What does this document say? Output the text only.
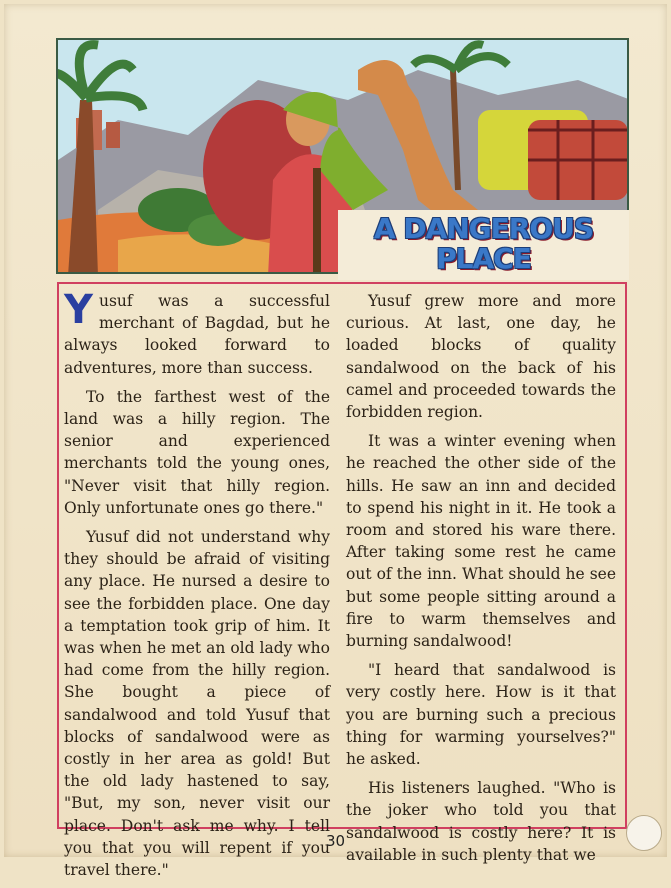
A DANGEROUS
PLACE

Yusuf was a successful merchant of Bagdad, but he always looked forward to adventures, more than success.

To the farthest west of the land was a hilly region. The senior and experienced merchants told the young ones, "Never visit that hilly region. Only unfortunate ones go there."

Yusuf did not understand why they should be afraid of visiting any place. He nursed a desire to see the forbidden place. One day a temptation took grip of him. It was when he met an old lady who had come from the hilly region. She bought a piece of sandalwood and told Yusuf that blocks of sandalwood were as costly in her area as gold! But the old lady hastened to say, "But, my son, never visit our place. Don't ask me why. I tell you that you will repent if you travel there."

Yusuf grew more and more curious. At last, one day, he loaded blocks of quality sandalwood on the back of his camel and proceeded towards the forbidden region.

It was a winter evening when he reached the other side of the hills. He saw an inn and decided to spend his night in it. He took a room and stored his ware there. After taking some rest he came out of the inn. What should he see but some people sitting around a fire to warm themselves and burning sandalwood!

"I heard that sandalwood is very costly here. How is it that you are burning such a precious thing for warming yourselves?" he asked.

His listeners laughed. "Who is the joker who told you that sandalwood is costly here? It is available in such plenty that we

30
